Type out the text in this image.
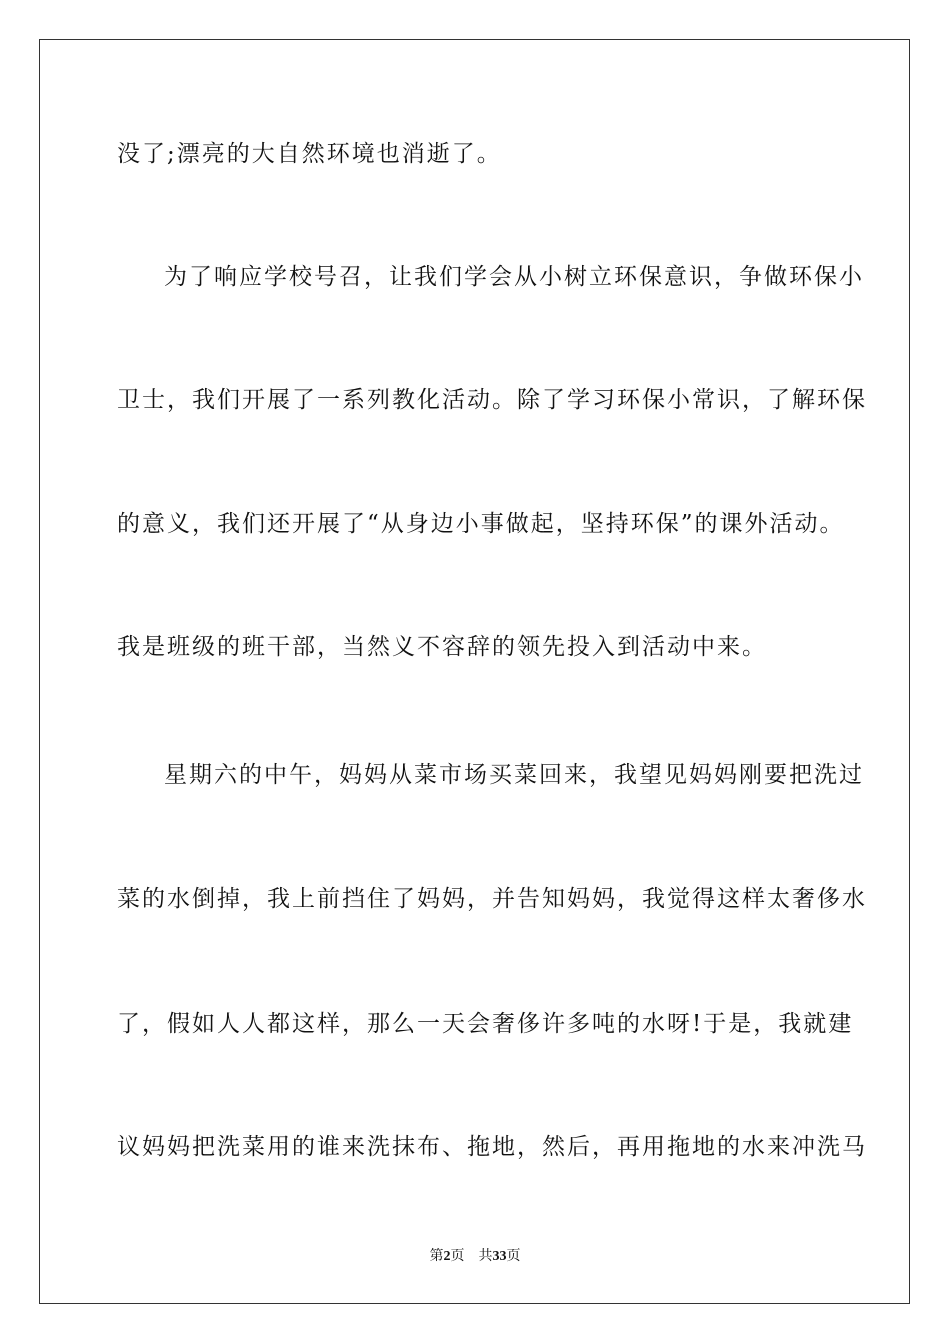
没了;漂亮的大自然环境也消逝了。
为了响应学校号召，让我们学会从小树立环保意识，争做环保小
卫士，我们开展了一系列教化活动。除了学习环保小常识，了解环保
的意义，我们还开展了“从身边小事做起，坚持环保”的课外活动。
我是班级的班干部，当然义不容辞的领先投入到活动中来。
星期六的中午，妈妈从菜市场买菜回来，我望见妈妈刚要把洗过
菜的水倒掉，我上前挡住了妈妈，并告知妈妈，我觉得这样太奢侈水
了，假如人人都这样，那么一天会奢侈许多吨的水呀!于是，我就建
议妈妈把洗菜用的谁来洗抹布、拖地，然后，再用拖地的水来冲洗马
第2页 共33页
